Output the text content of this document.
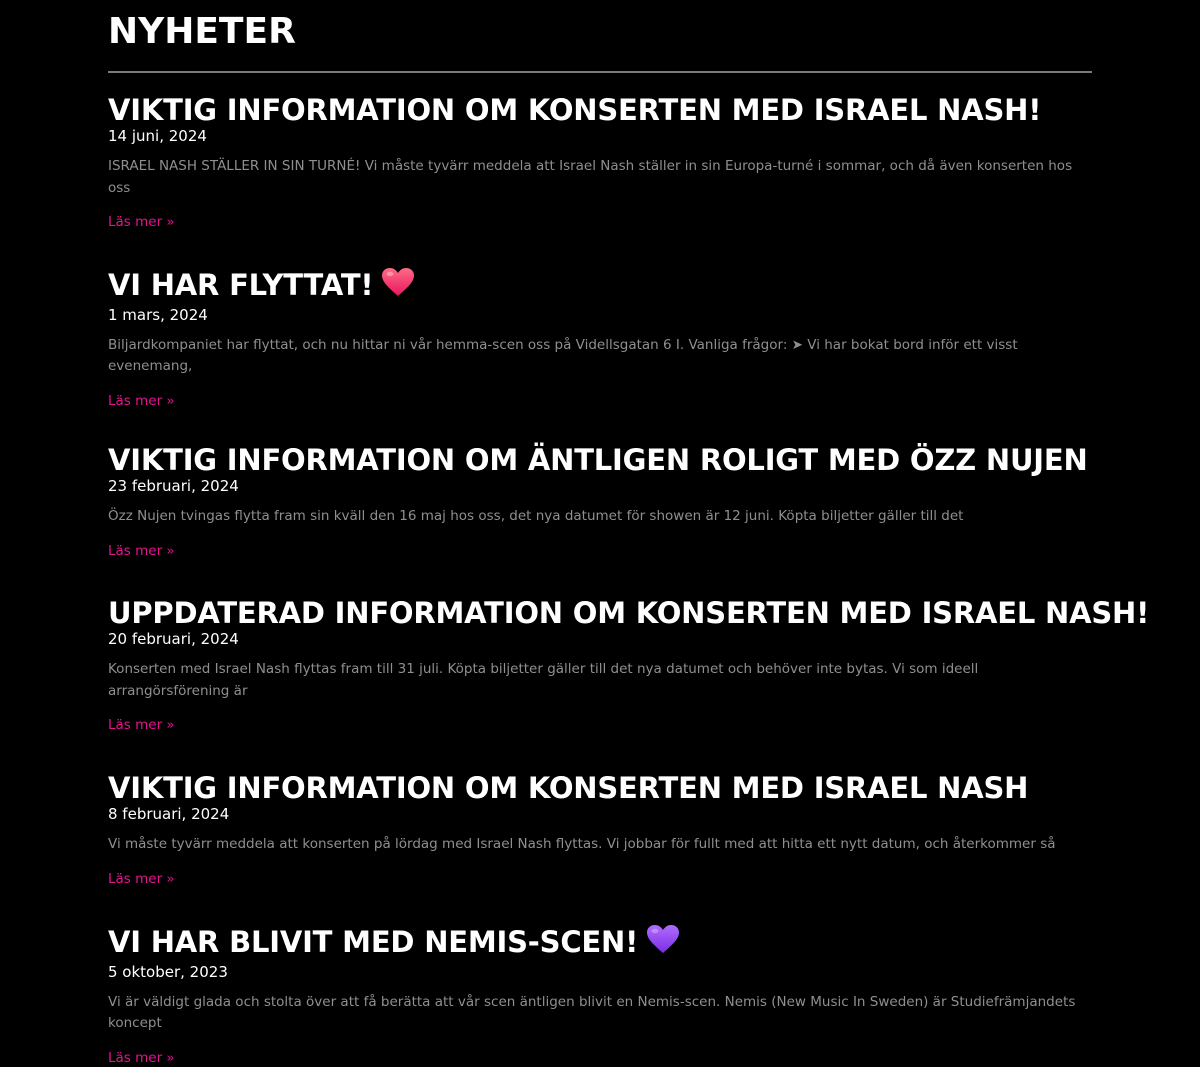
NYHETER
VIKTIG INFORMATION OM KONSERTEN MED ISRAEL NASH!
14 juni, 2024

ISRAEL NASH STÄLLER IN SIN TURNÉ! Vi måste tyvärr meddela att Israel Nash ställer in sin Europa-turné i sommar, och då även konserten hos oss

Läs mer »
VI HAR FLYTTAT!
1 mars, 2024

Biljardkompaniet har flyttat, och nu hittar ni vår hemma-scen oss på Videllsgatan 6 I. Vanliga frågor: ➤ Vi har bokat bord inför ett visst evenemang,

Läs mer »
VIKTIG INFORMATION OM ÄNTLIGEN ROLIGT MED ÖZZ NUJEN
23 februari, 2024

Özz Nujen tvingas flytta fram sin kväll den 16 maj hos oss, det nya datumet för showen är 12 juni. Köpta biljetter gäller till det

Läs mer »
UPPDATERAD INFORMATION OM KONSERTEN MED ISRAEL NASH!
20 februari, 2024

Konserten med Israel Nash flyttas fram till 31 juli. Köpta biljetter gäller till det nya datumet och behöver inte bytas. Vi som ideell arrangörsförening är

Läs mer »
VIKTIG INFORMATION OM KONSERTEN MED ISRAEL NASH
8 februari, 2024

Vi måste tyvärr meddela att konserten på lördag med Israel Nash flyttas. Vi jobbar för fullt med att hitta ett nytt datum, och återkommer så

Läs mer »
VI HAR BLIVIT MED NEMIS-SCEN!
5 oktober, 2023

Vi är väldigt glada och stolta över att få berätta att vår scen äntligen blivit en Nemis-scen. Nemis (New Music In Sweden) är Studiefrämjandets koncept

Läs mer »
